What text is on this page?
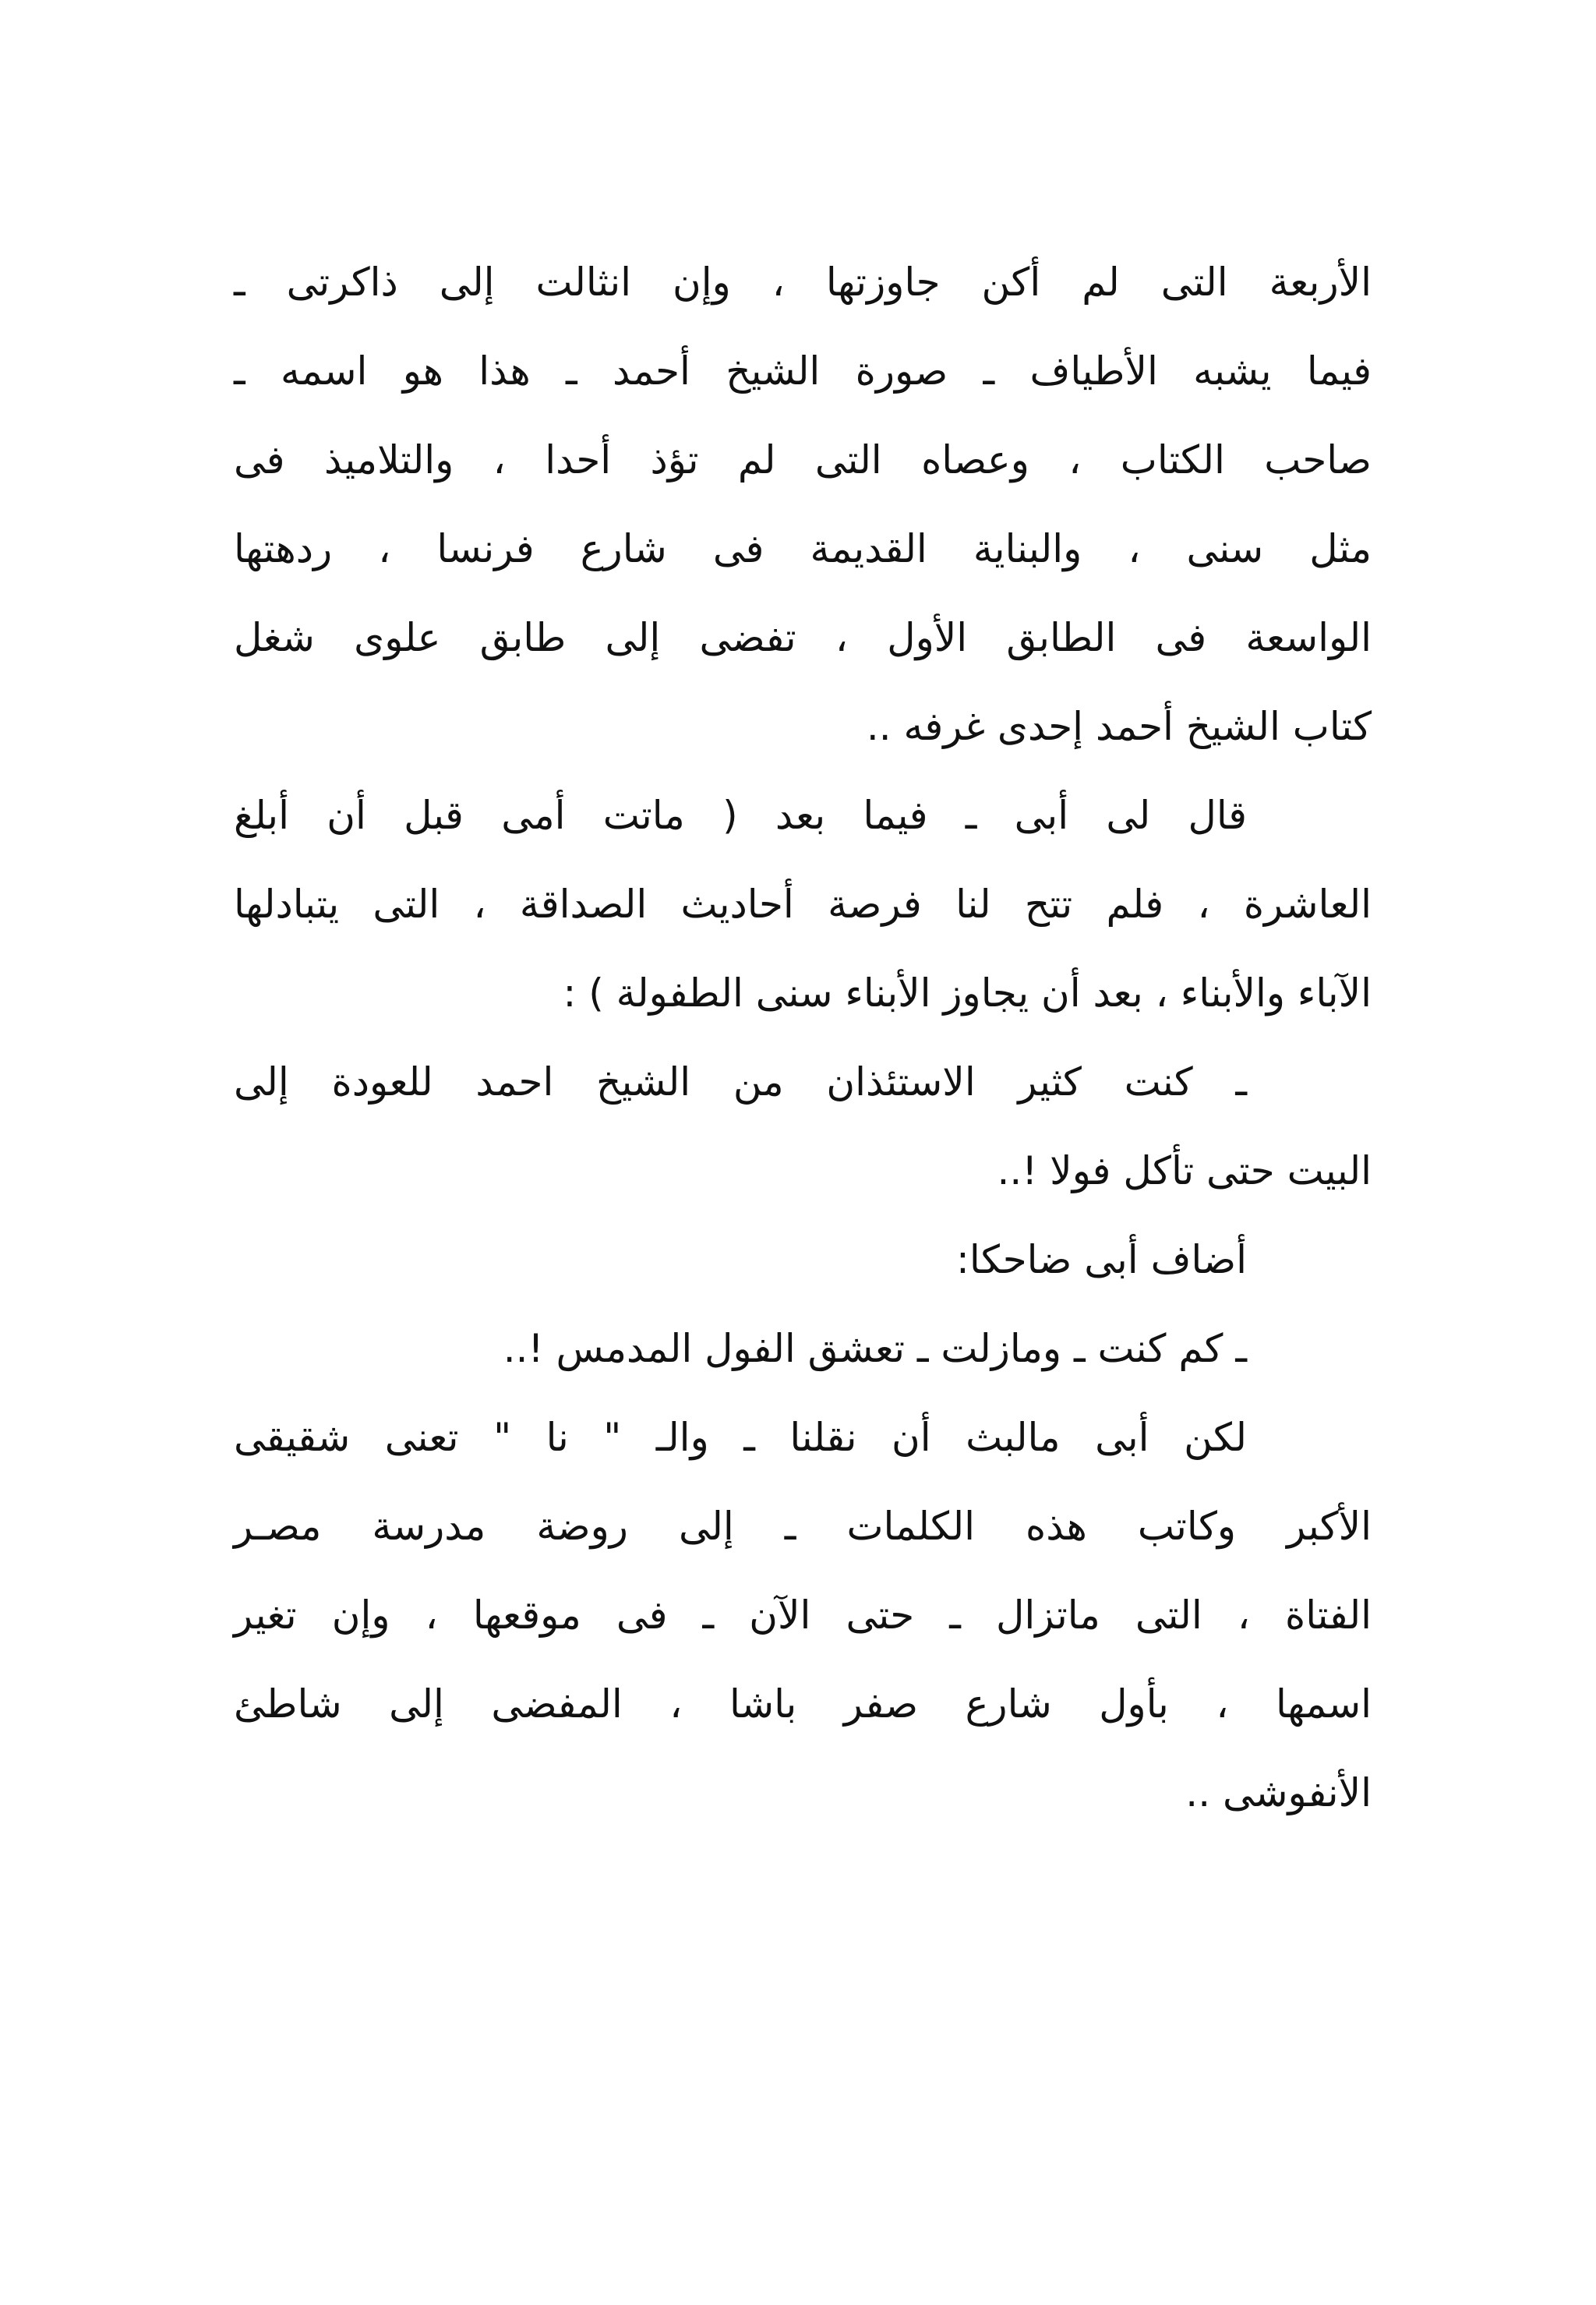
الأربعة التى لم أكن جاوزتها ، وإن انثالت إلى ذاكرتى ـ
فيما يشبه الأطياف ـ صورة الشيخ أحمد ـ هذا هو اسمه ـ
صاحب الكتاب ، وعصاه التى لم تؤذ أحدا ، والتلاميذ فى
مثل سنى ، والبناية القديمة فى شارع فرنسا ، ردهتها
الواسعة فى الطابق الأول ، تفضى إلى طابق علوى شغل
كتاب الشيخ أحمد إحدى غرفه ..
قال لى أبى ـ فيما بعد ( ماتت أمى قبل أن أبلغ
العاشرة ، فلم تتح لنا فرصة أحاديث الصداقة ، التى يتبادلها
الآباء والأبناء ، بعد أن يجاوز الأبناء سنى الطفولة ) :
ـ كنت كثير الاستئذان من الشيخ احمد للعودة إلى
البيت حتى تأكل فولا !..
أضاف أبى ضاحكا:
ـ كم كنت ـ ومازلت ـ تعشق الفول المدمس !..
لكن أبى مالبث أن نقلنا ـ والـ " نا " تعنى شقيقى
الأكبر وكاتب هذه الكلمات ـ إلى روضة مدرسة مصـر
الفتاة ، التى ماتزال ـ حتى الآن ـ فى موقعها ، وإن تغير
اسمها ، بأول شارع صفر باشا ، المفضى إلى شاطئ
الأنفوشى ..
